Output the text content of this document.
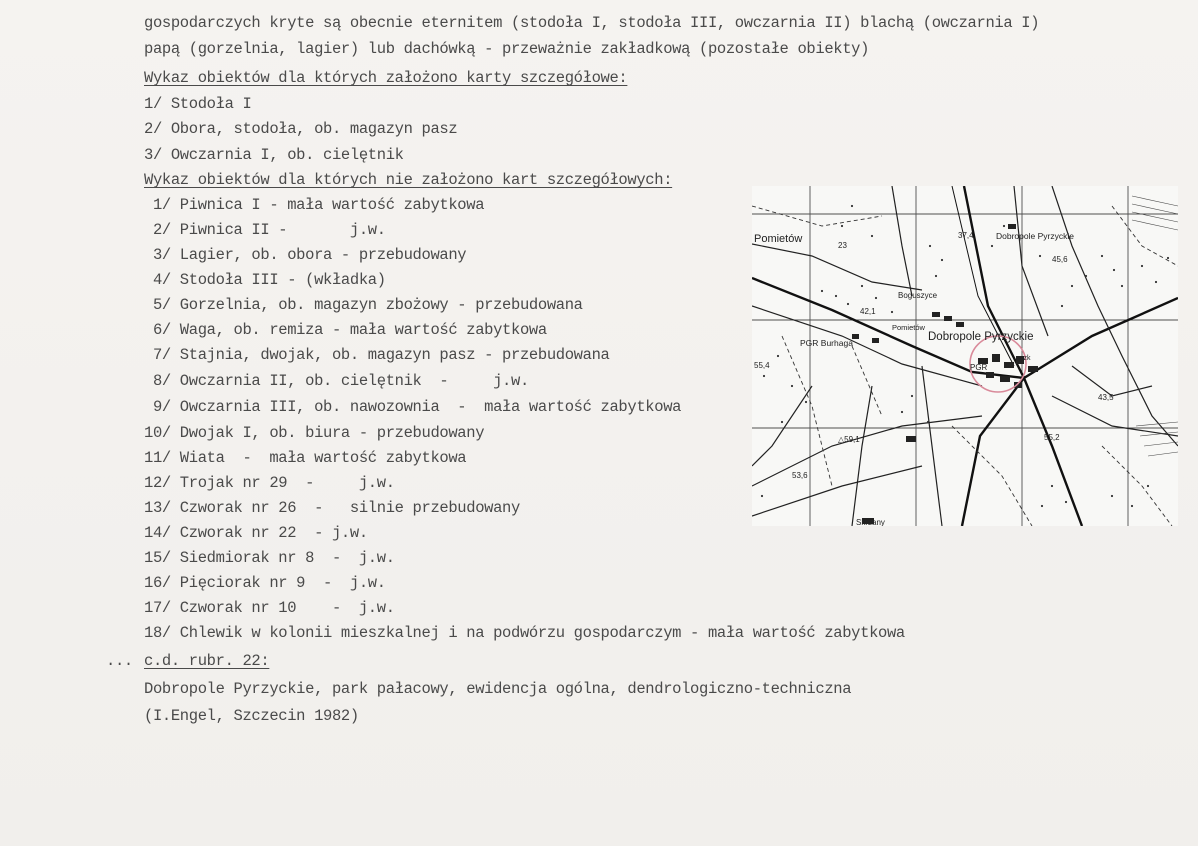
gospodarczych kryte są obecnie eternitem (stodoła I, stodoła III, owczarnia II) blachą (owczarnia I)
papą (gorzelnia, lagier) lub dachówką - przeważnie zakładkową (pozostałe obiekty)
Wykaz obiektów dla których założono karty szczegółowe:
1/ Stodoła I
2/ Obora, stodoła, ob. magazyn pasz
3/ Owczarnia I, ob. cielętnik
Wykaz obiektów dla których nie założono kart szczegółowych:
1/ Piwnica I - mała wartość zabytkowa
2/ Piwnica II -       j.w.
3/ Lagier, ob. obora - przebudowany
4/ Stodoła III - (wkładka)
5/ Gorzelnia, ob. magazyn zbożowy - przebudowana
6/ Waga, ob. remiza - mała wartość zabytkowa
7/ Stajnia, dwojak, ob. magazyn pasz - przebudowana
8/ Owczarnia II, ob. cielętnik  -     j.w.
9/ Owczarnia III, ob. nawozownia  -  mała wartość zabytkowa
10/ Dwojak I, ob. biura - przebudowany
11/ Wiata  -  mała wartość zabytkowa
12/ Trojak nr 29  -     j.w.
13/ Czworak nr 26  -   silnie przebudowany
14/ Czworak nr 22  - j.w.
15/ Siedmiorak nr 8  -  j.w.
16/ Pięciorak nr 9  -  j.w.
17/ Czworak nr 10    -  j.w.
18/ Chlewik w kolonii mieszkalnej i na podwórzu gospodarczym - mała wartość zabytkowa
... c.d. rubr. 22:
Dobropole Pyrzyckie, park pałacowy, ewidencja ogólna, dendrologiczno-techniczna
(I.Engel, Szczecin 1982)
Pomietów	Dobropole Pyrzyckie
Boguszyce
Pomietów
Dobropole Pyrzyckie
PGR Burhaga
PGR
Skrzany
szk
23
37,4
45,6
42,1
55,4
△59,1	55,2
53,6
43,5
